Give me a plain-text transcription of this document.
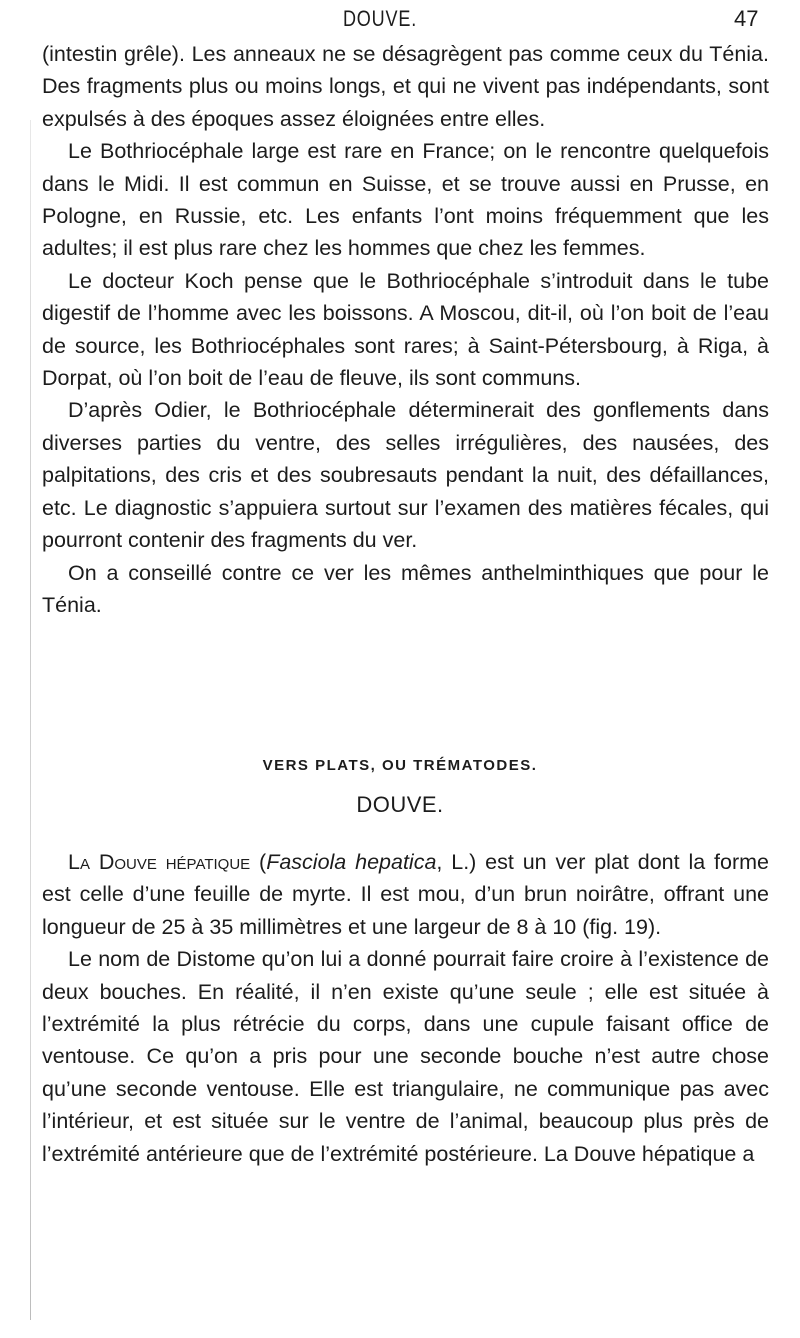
DOUVE.	47

(intestin grêle). Les anneaux ne se désagrègent pas comme ceux du Ténia. Des fragments plus ou moins longs, et qui ne vivent pas indépendants, sont expulsés à des époques assez éloignées entre elles.

Le Bothriocéphale large est rare en France; on le rencontre quelquefois dans le Midi. Il est commun en Suisse, et se trouve aussi en Prusse, en Pologne, en Russie, etc. Les enfants l’ont moins fréquemment que les adultes; il est plus rare chez les hommes que chez les femmes.

Le docteur Koch pense que le Bothriocéphale s’introduit dans le tube digestif de l’homme avec les boissons. A Moscou, dit-il, où l’on boit de l’eau de source, les Bothriocéphales sont rares; à Saint-Pétersbourg, à Riga, à Dorpat, où l’on boit de l’eau de fleuve, ils sont communs.

D’après Odier, le Bothriocéphale déterminerait des gonflements dans diverses parties du ventre, des selles irrégulières, des nausées, des palpitations, des cris et des soubresauts pendant la nuit, des défaillances, etc. Le diagnostic s’appuiera surtout sur l’examen des matières fécales, qui pourront contenir des fragments du ver.

On a conseillé contre ce ver les mêmes anthelminthiques que pour le Ténia.

VERS PLATS, OU TRÉMATODES.
DOUVE.

La Douve hépatique (Fasciola hepatica, L.) est un ver plat dont la forme est celle d’une feuille de myrte. Il est mou, d’un brun noirâtre, offrant une longueur de 25 à 35 millimètres et une largeur de 8 à 10 (fig. 19).

Le nom de Distome qu’on lui a donné pourrait faire croire à l’existence de deux bouches. En réalité, il n’en existe qu’une seule ; elle est située à l’extrémité la plus rétrécie du corps, dans une cupule faisant office de ventouse. Ce qu’on a pris pour une seconde bouche n’est autre chose qu’une seconde ventouse. Elle est triangulaire, ne communique pas avec l’intérieur, et est située sur le ventre de l’animal, beaucoup plus près de l’extrémité antérieure que de l’extrémité postérieure. La Douve hépatique a
